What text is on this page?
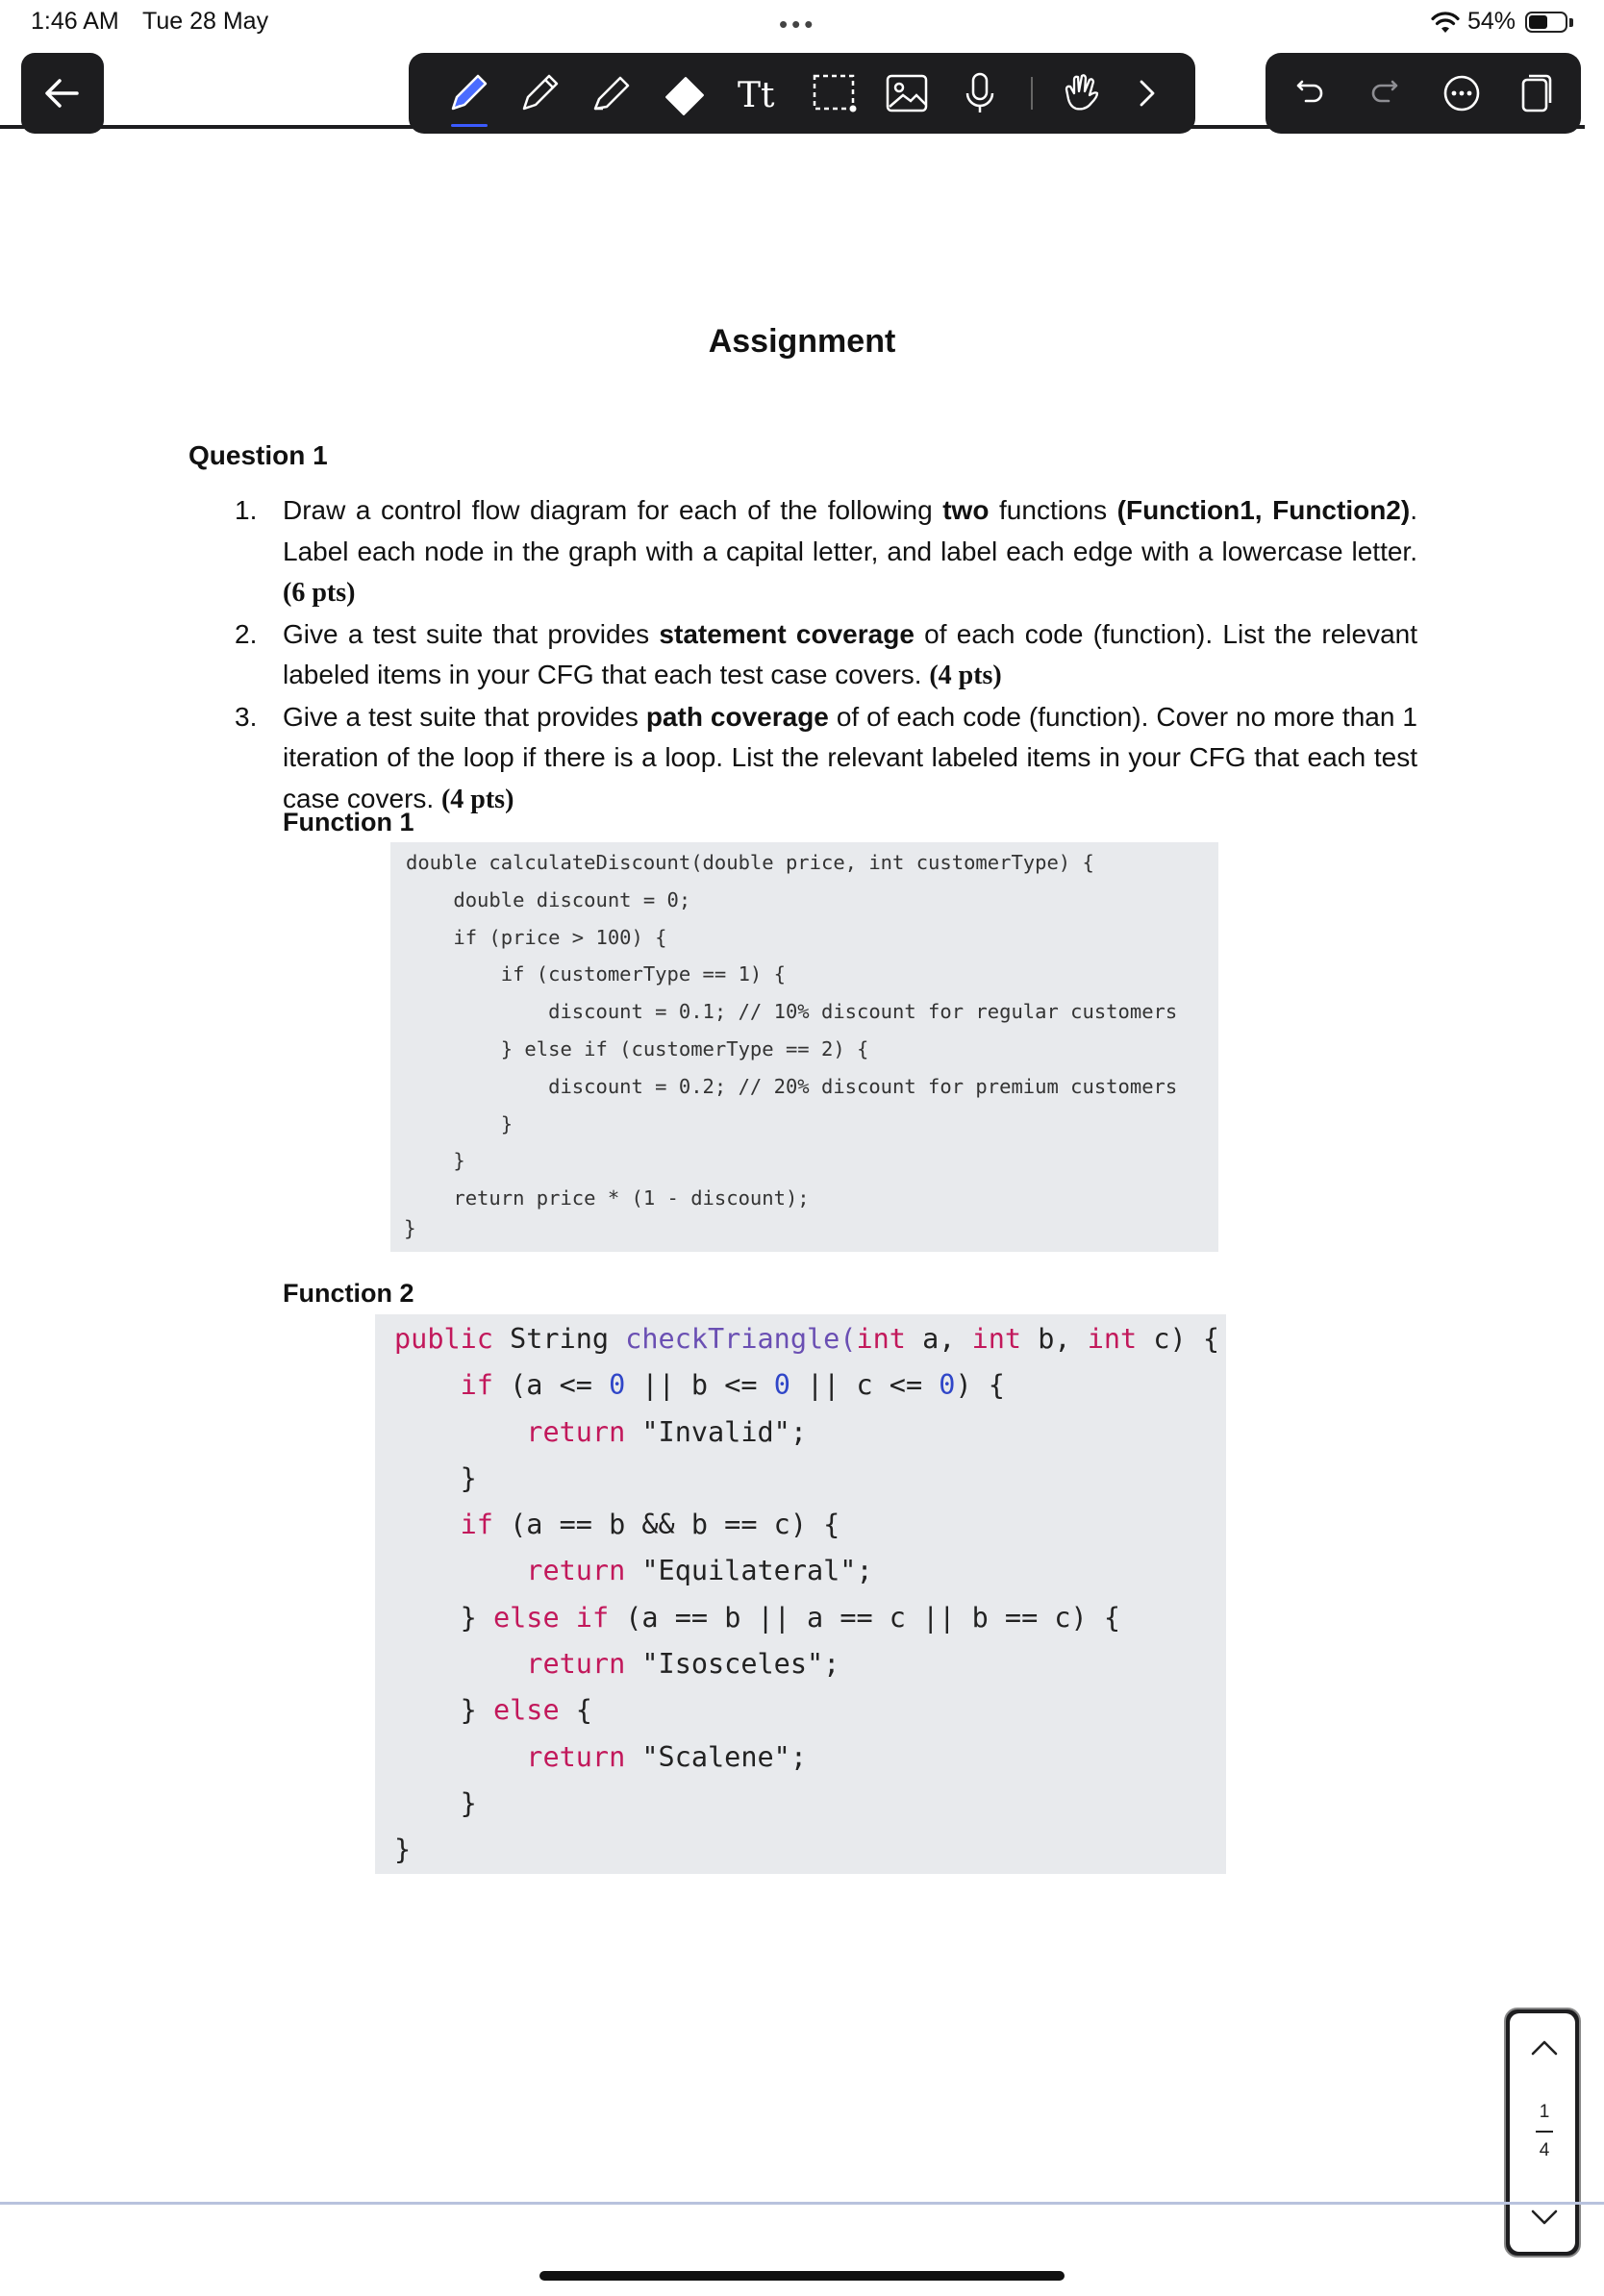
1:46 AM Tue 28 May	•••	54%
Tt
Assignment
Question 1
1. Draw a control flow diagram for each of the following two functions (Function1, Function2). Label each node in the graph with a capital letter, and label each edge with a lowercase letter. (6 pts)
2. Give a test suite that provides statement coverage of each code (function). List the relevant labeled items in your CFG that each test case covers. (4 pts)
3. Give a test suite that provides path coverage of of each code (function). Cover no more than 1 iteration of the loop if there is a loop. List the relevant labeled items in your CFG that each test case covers. (4 pts)
Function 1
double calculateDiscount(double price, int customerType) {
double discount = 0;
if (price > 100) {
if (customerType == 1) {
discount = 0.1; // 10% discount for regular customers
} else if (customerType == 2) {
discount = 0.2; // 20% discount for premium customers
}
}
return price * (1 - discount);
}
Function 2
public String checkTriangle(int a, int b, int c) {
if (a <= 0 || b <= 0 || c <= 0) {
return "Invalid";
}
if (a == b && b == c) {
return "Equilateral";
} else if (a == b || a == c || b == c) {
return "Isosceles";
} else {
return "Scalene";
}
}
1
4
